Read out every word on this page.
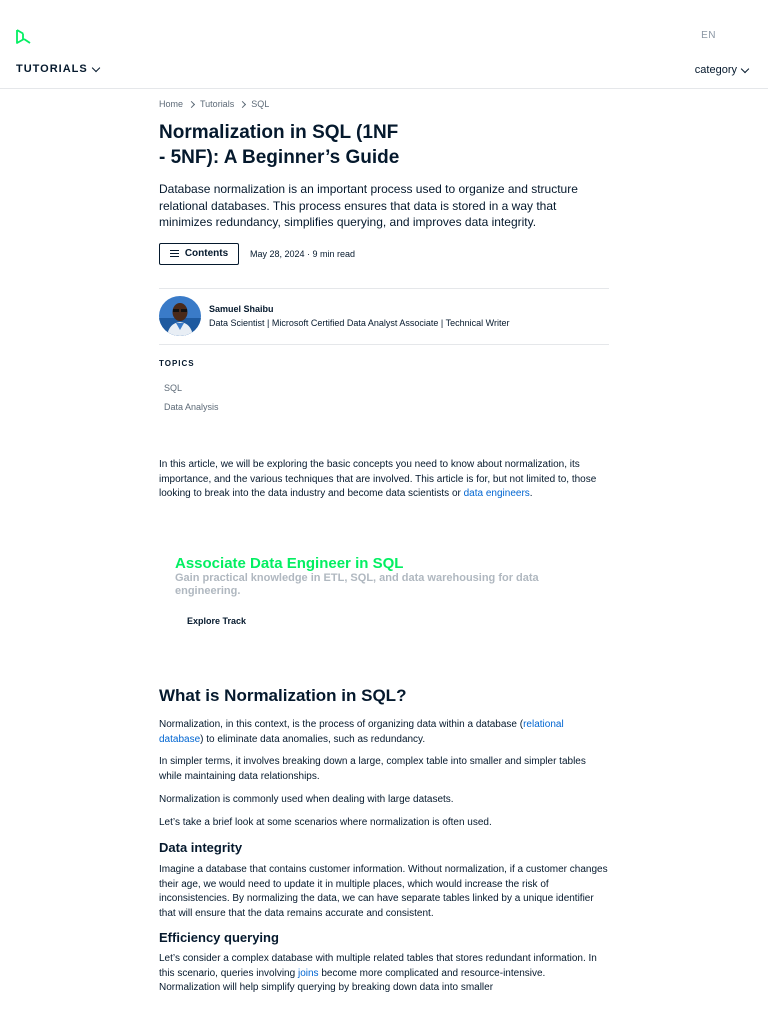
EN
TUTORIALS	category
Home Tutorials SQL
Normalization in SQL (1NF - 5NF): A Beginner’s Guide

Database normalization is an important process used to organize and structure relational databases. This process ensures that data is stored in a way that minimizes redundancy, simplifies querying, and improves data integrity.

Contents May 28, 2024 · 9 min read
Samuel Shaibu
Data Scientist | Microsoft Certified Data Analyst Associate | Technical Writer
TOPICS
SQL
Data Analysis

In this article, we will be exploring the basic concepts you need to know about normalization, its importance, and the various techniques that are involved. This article is for, but not limited to, those looking to break into the data industry and become data scientists or data engineers.

Associate Data Engineer in SQL
Gain practical knowledge in ETL, SQL, and data warehousing for data engineering.
Explore Track
What is Normalization in SQL?

Normalization, in this context, is the process of organizing data within a database (relational database) to eliminate data anomalies, such as redundancy.

In simpler terms, it involves breaking down a large, complex table into smaller and simpler tables while maintaining data relationships.

Normalization is commonly used when dealing with large datasets.

Let’s take a brief look at some scenarios where normalization is often used.

Data integrity

Imagine a database that contains customer information. Without normalization, if a customer changes their age, we would need to update it in multiple places, which would increase the risk of inconsistencies. By normalizing the data, we can have separate tables linked by a unique identifier that will ensure that the data remains accurate and consistent.

Efficiency querying

Let’s consider a complex database with multiple related tables that stores redundant information. In this scenario, queries involving joins become more complicated and resource-intensive. Normalization will help simplify querying by breaking down data into smaller
